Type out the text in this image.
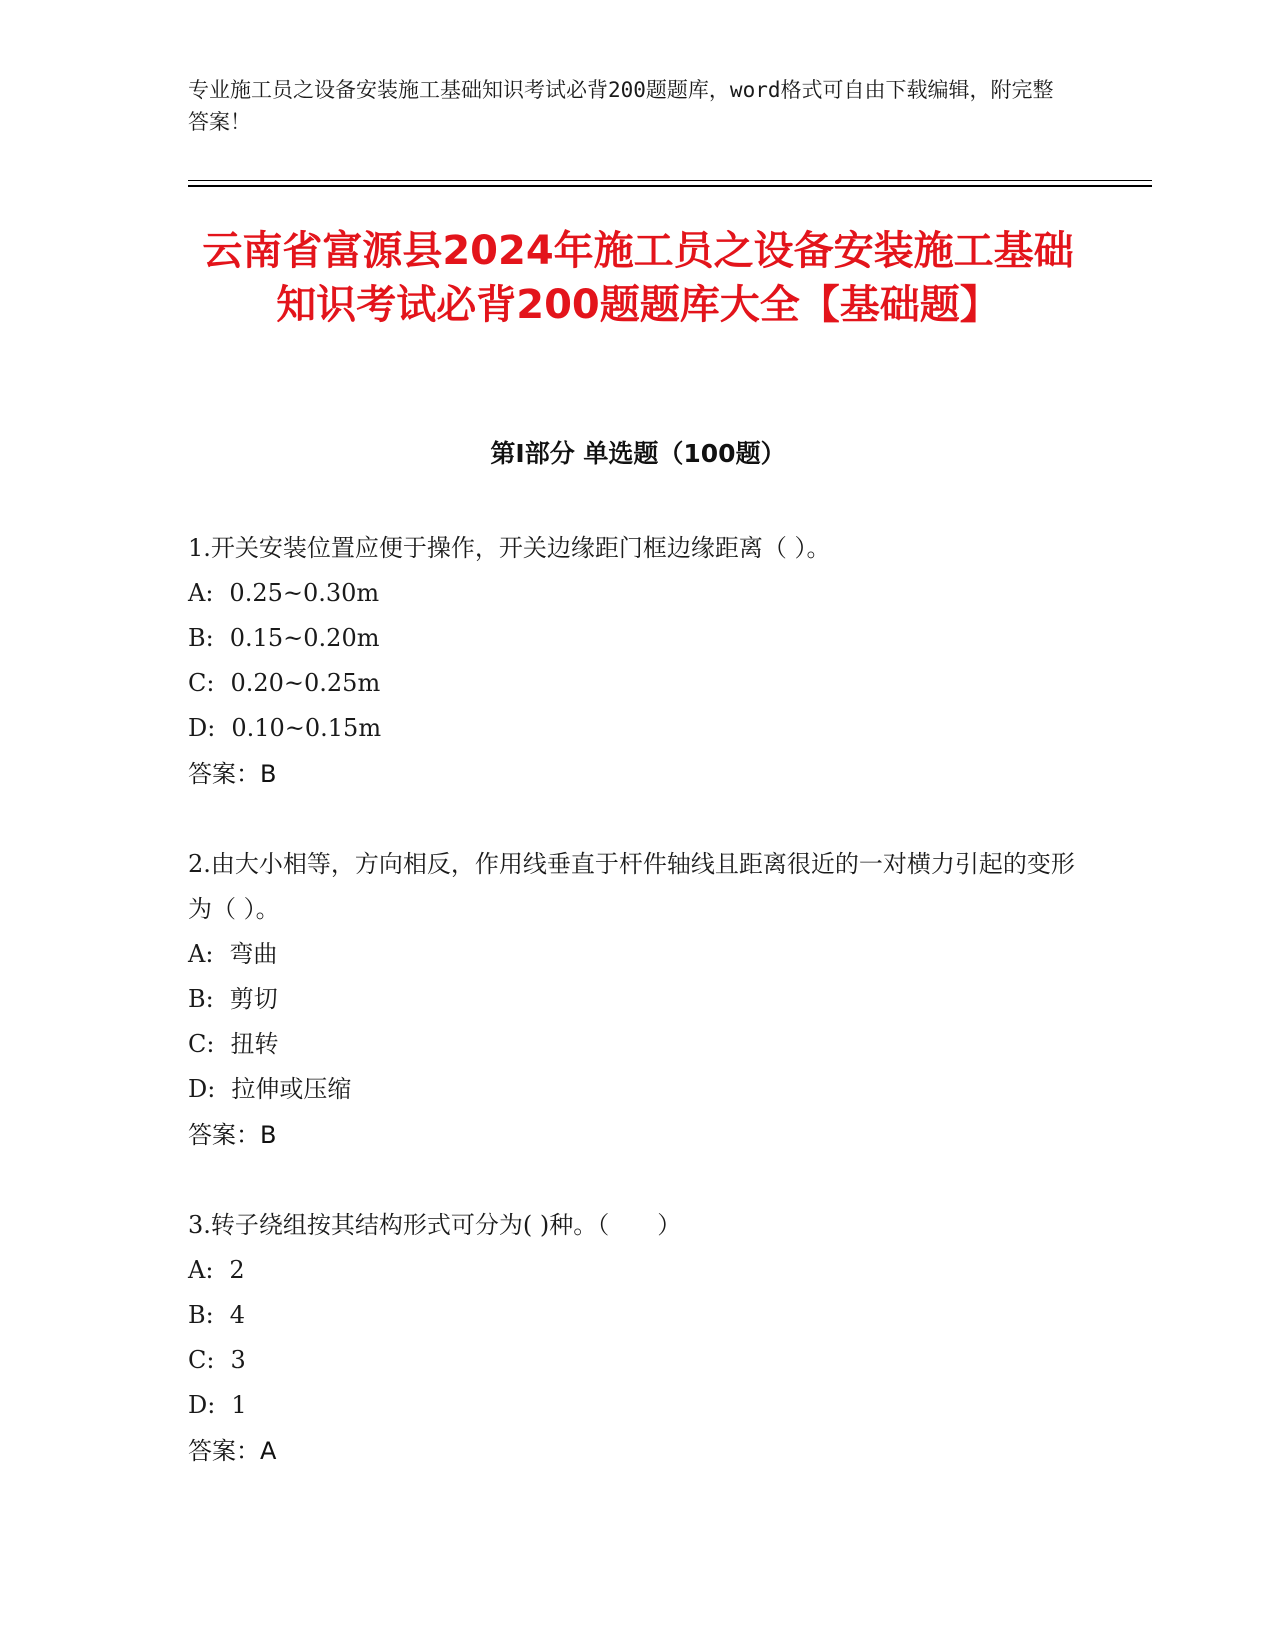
专业施工员之设备安装施工基础知识考试必背200题题库，word格式可自由下载编辑，附完整答案！
云南省富源县2024年施工员之设备安装施工基础知识考试必背200题题库大全【基础题】
第I部分 单选题（100题）
1.开关安装位置应便于操作，开关边缘距门框边缘距离（ ）。
A: 0.25~0.30m
B: 0.15~0.20m
C: 0.20~0.25m
D: 0.10~0.15m
答案：B
2.由大小相等，方向相反，作用线垂直于杆件轴线且距离很近的一对横力引起的变形为（ ）。
A: 弯曲
B: 剪切
C: 扭转
D: 拉伸或压缩
答案：B
3.转子绕组按其结构形式可分为( )种。（　　）
A: 2
B: 4
C: 3
D: 1
答案：A
